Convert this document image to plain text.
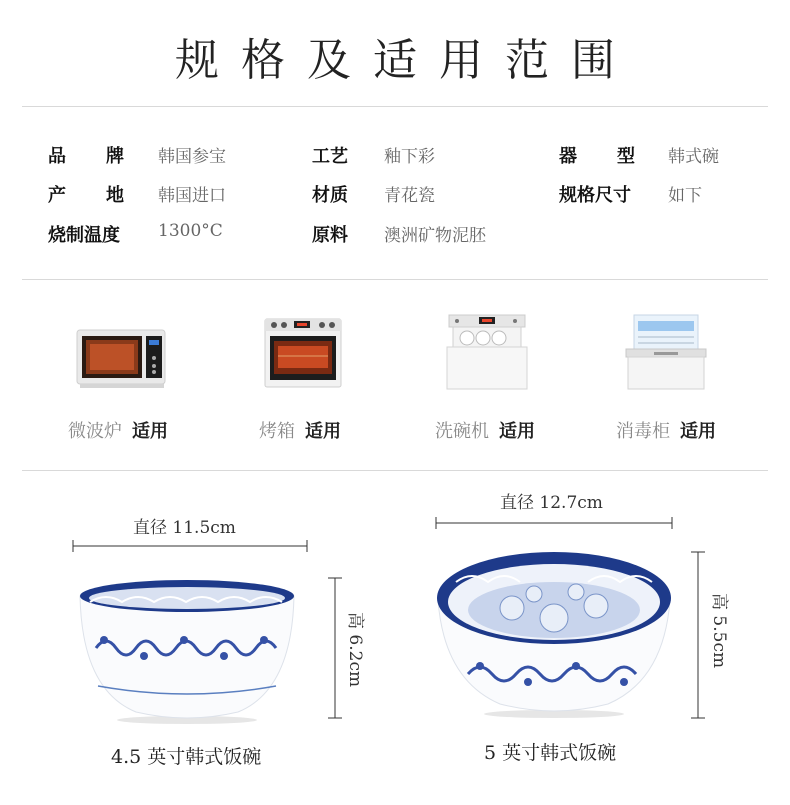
规格及适用范围
品 牌 韩国参宝	工艺 釉下彩	器 型 韩式碗
产 地 韩国进口	材质 青花瓷	规格尺寸 如下
烧制温度 1300°C	原料 澳洲矿物泥胚
微波炉 适用	烤箱 适用	洗碗机 适用	消毒柜 适用
直径 11.5cm
高 6.2cm
4.5 英寸韩式饭碗
直径 12.7cm
高 5.5cm
5 英寸韩式饭碗
